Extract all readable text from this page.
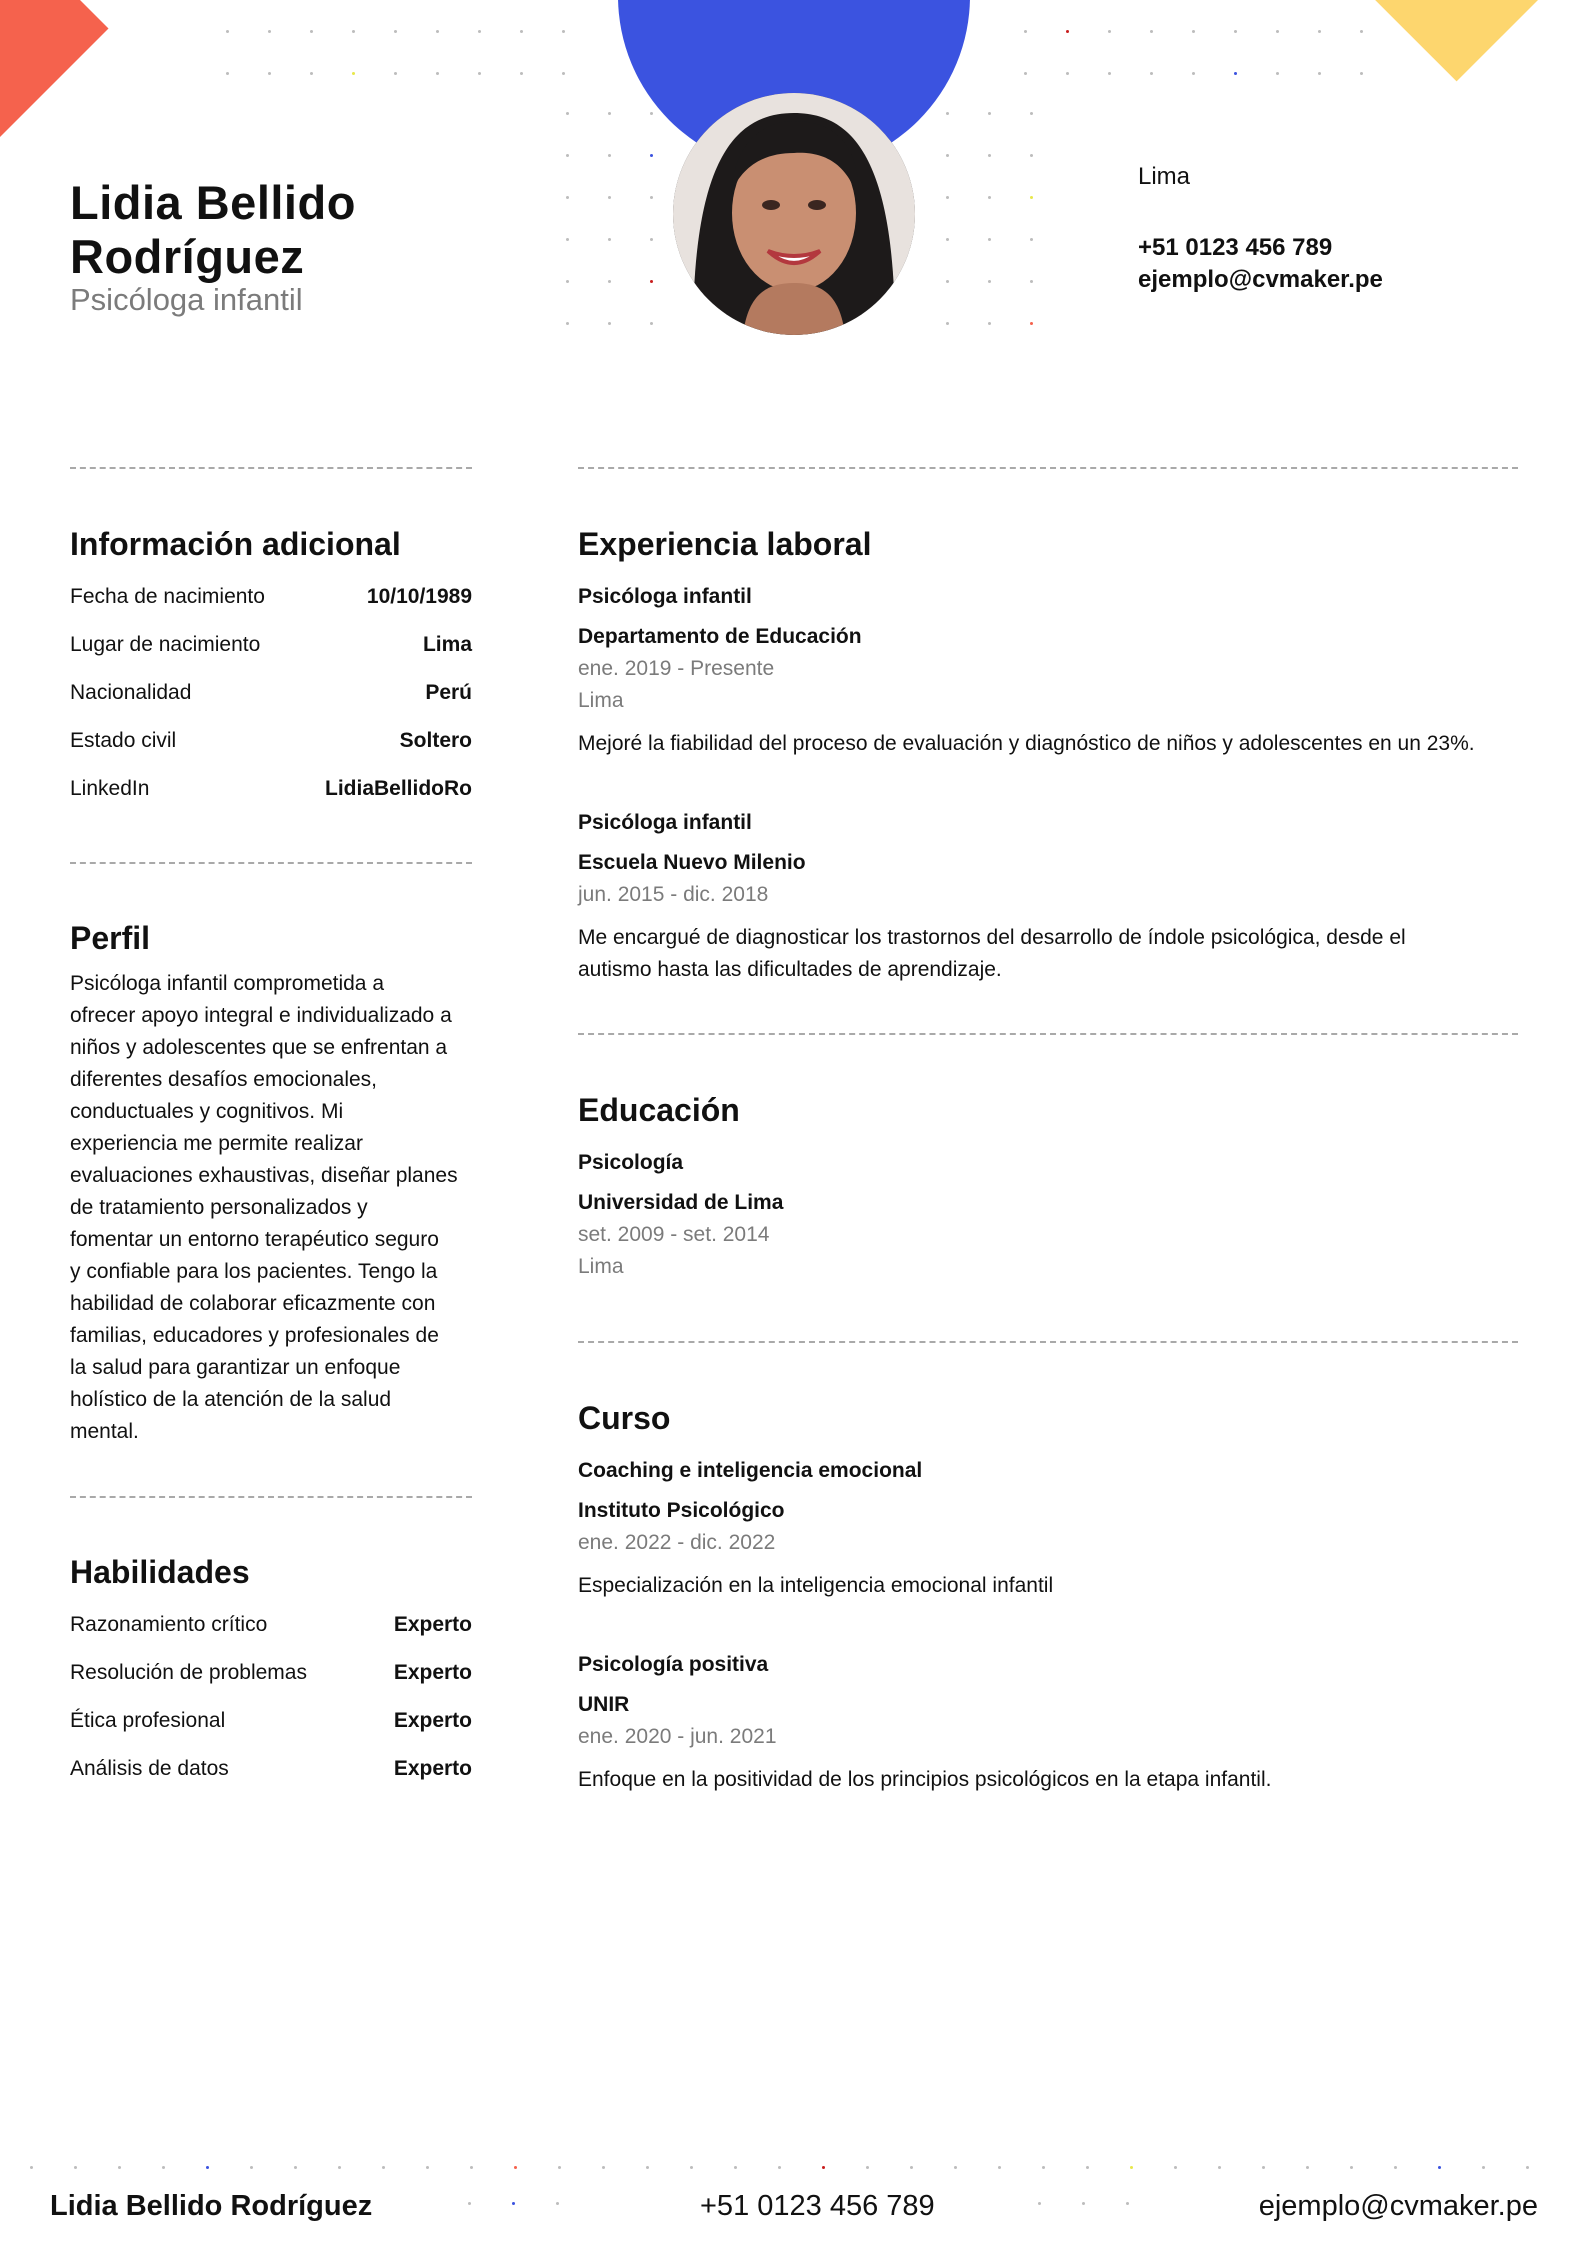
Lidia Bellido
Rodríguez
Psicóloga infantil
Lima
+51 0123 456 789
ejemplo@cvmaker.pe
Información adicional
Fecha de nacimiento	10/10/1989
Lugar de nacimiento	Lima
Nacionalidad	Perú
Estado civil	Soltero
LinkedIn	LidiaBellidoRo
Perfil
Psicóloga infantil comprometida a
ofrecer apoyo integral e individualizado a
niños y adolescentes que se enfrentan a
diferentes desafíos emocionales,
conductuales y cognitivos. Mi
experiencia me permite realizar
evaluaciones exhaustivas, diseñar planes
de tratamiento personalizados y
fomentar un entorno terapéutico seguro
y confiable para los pacientes. Tengo la
habilidad de colaborar eficazmente con
familias, educadores y profesionales de
la salud para garantizar un enfoque
holístico de la atención de la salud
mental.
Habilidades
Razonamiento crítico	Experto
Resolución de problemas	Experto
Ética profesional	Experto
Análisis de datos	Experto
Experiencia laboral
Psicóloga infantil
Departamento de Educación
ene. 2019 - Presente
Lima
Mejoré la fiabilidad del proceso de evaluación y diagnóstico de niños y adolescentes en un 23%.
Psicóloga infantil
Escuela Nuevo Milenio
jun. 2015 - dic. 2018
Me encargué de diagnosticar los trastornos del desarrollo de índole psicológica, desde el
autismo hasta las dificultades de aprendizaje.
Educación
Psicología
Universidad de Lima
set. 2009 - set. 2014
Lima
Curso
Coaching e inteligencia emocional
Instituto Psicológico
ene. 2022 - dic. 2022
Especialización en la inteligencia emocional infantil
Psicología positiva
UNIR
ene. 2020 - jun. 2021
Enfoque en la positividad de los principios psicológicos en la etapa infantil.
Lidia Bellido Rodríguez	+51 0123 456 789	ejemplo@cvmaker.pe
